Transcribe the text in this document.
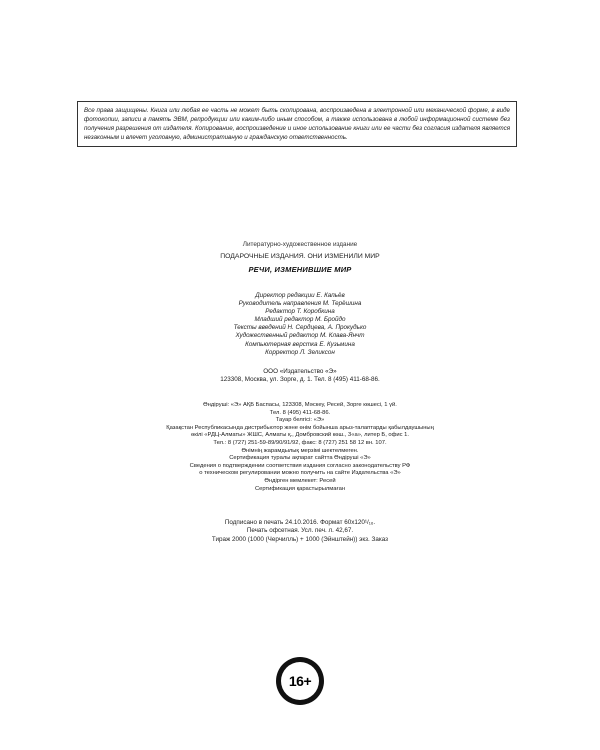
Все права защищены. Книга или любая ее часть не может быть скопирована, воспроизведена в электронной или механической форме, в виде фотокопии, записи в память ЭВМ, репродукции или каким-либо иным способом, а также использована в любой информационной системе без получения разрешения от издателя. Копирование, воспроизведение и иное использование книги или ее части без согласия издателя является незаконным и влечет уголовную, административную и гражданскую ответственность.
Литературно-художественное издание
ПОДАРОЧНЫЕ ИЗДАНИЯ. ОНИ ИЗМЕНИЛИ МИР
РЕЧИ, ИЗМЕНИВШИЕ МИР
Директор редакции Е. Капьёв
Руководитель направления М. Терёшина
Редактор Т. Коробкина
Младший редактор М. Бройдо
Тексты введений Н. Сердцева, А. Прокудько
Художественный редактор М. Клава-Янчт
Компьютерная верстка Е. Кузьмина
Корректор Л. Зеликсон
ООО «Издательство «Э»
123308, Москва, ул. Зорге, д. 1. Тел. 8 (495) 411-68-86.
Өндіруші: «Э» АҚБ Баспасы, 123308, Мәскеу, Ресей, Зорге көшесі, 1 үй.
Тел. 8 (495) 411-68-86.
Тауар белгісі: «Э»
Қазақстан Республикасында дистрибьютор және өнім бойынша арыз-талаптарды қабылдаушының
өкілі «РДЦ-Алматы» ЖШС, Алматы қ., Домбровский көш., 3«а», литер Б, офис 1.
Тел.: 8 (727) 251-59-89/90/91/92, факс: 8 (727) 251 58 12 вн. 107.
Өнімнің жарамдылық мерзімі шектелмеген.
Сертификация туралы ақпарат сайтта Өндіруші «Э»
Сведения о подтверждении соответствия издания согласно законодательству РФ
о техническом регулировании можно получить на сайте Издательства «Э»
Өндірген мемлекет: Ресей
Сертификация қарастырылмаған
Подписано в печать 24.10.2016. Формат 60x120¹/₁₆.
Печать офсетная. Усл. печ. л. 42,67.
Тираж 2000 (1000 (Черчилль) + 1000 (Эйнштейн)) экз. Заказ
16+
